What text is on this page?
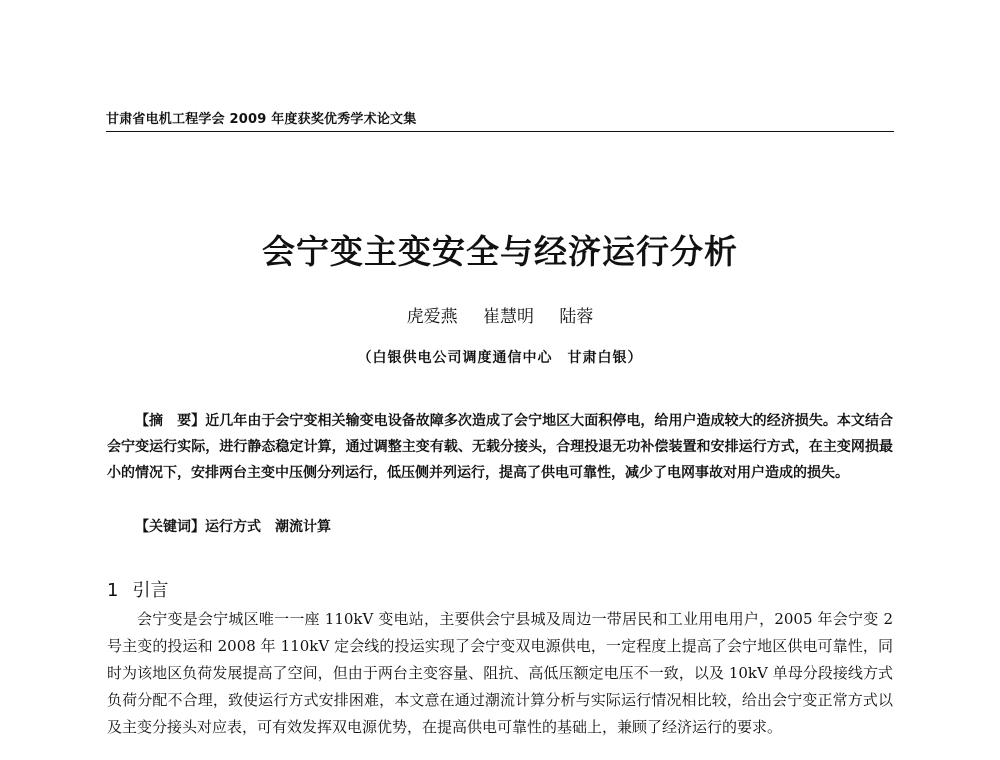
甘肃省电机工程学会 2009 年度获奖优秀学术论文集
会宁变主变安全与经济运行分析
虎爱燕 崔慧明 陆蓉
（白银供电公司调度通信中心　甘肃白银）
【摘　要】近几年由于会宁变相关输变电设备故障多次造成了会宁地区大面积停电，给用户造成较大的经济损失。本文结合会宁变运行实际，进行静态稳定计算，通过调整主变有载、无载分接头，合理投退无功补偿装置和安排运行方式，在主变网损最小的情况下，安排两台主变中压侧分列运行，低压侧并列运行，提高了供电可靠性，减少了电网事故对用户造成的损失。
【关键词】运行方式　潮流计算
1 引言
会宁变是会宁城区唯一一座 110kV 变电站，主要供会宁县城及周边一带居民和工业用电用户，2005 年会宁变 2 号主变的投运和 2008 年 110kV 定会线的投运实现了会宁变双电源供电，一定程度上提高了会宁地区供电可靠性，同时为该地区负荷发展提高了空间，但由于两台主变容量、阻抗、高低压额定电压不一致，以及 10kV 单母分段接线方式负荷分配不合理，致使运行方式安排困难，本文意在通过潮流计算分析与实际运行情况相比较，给出会宁变正常方式以及主变分接头对应表，可有效发挥双电源优势，在提高供电可靠性的基础上，兼顾了经济运行的要求。
